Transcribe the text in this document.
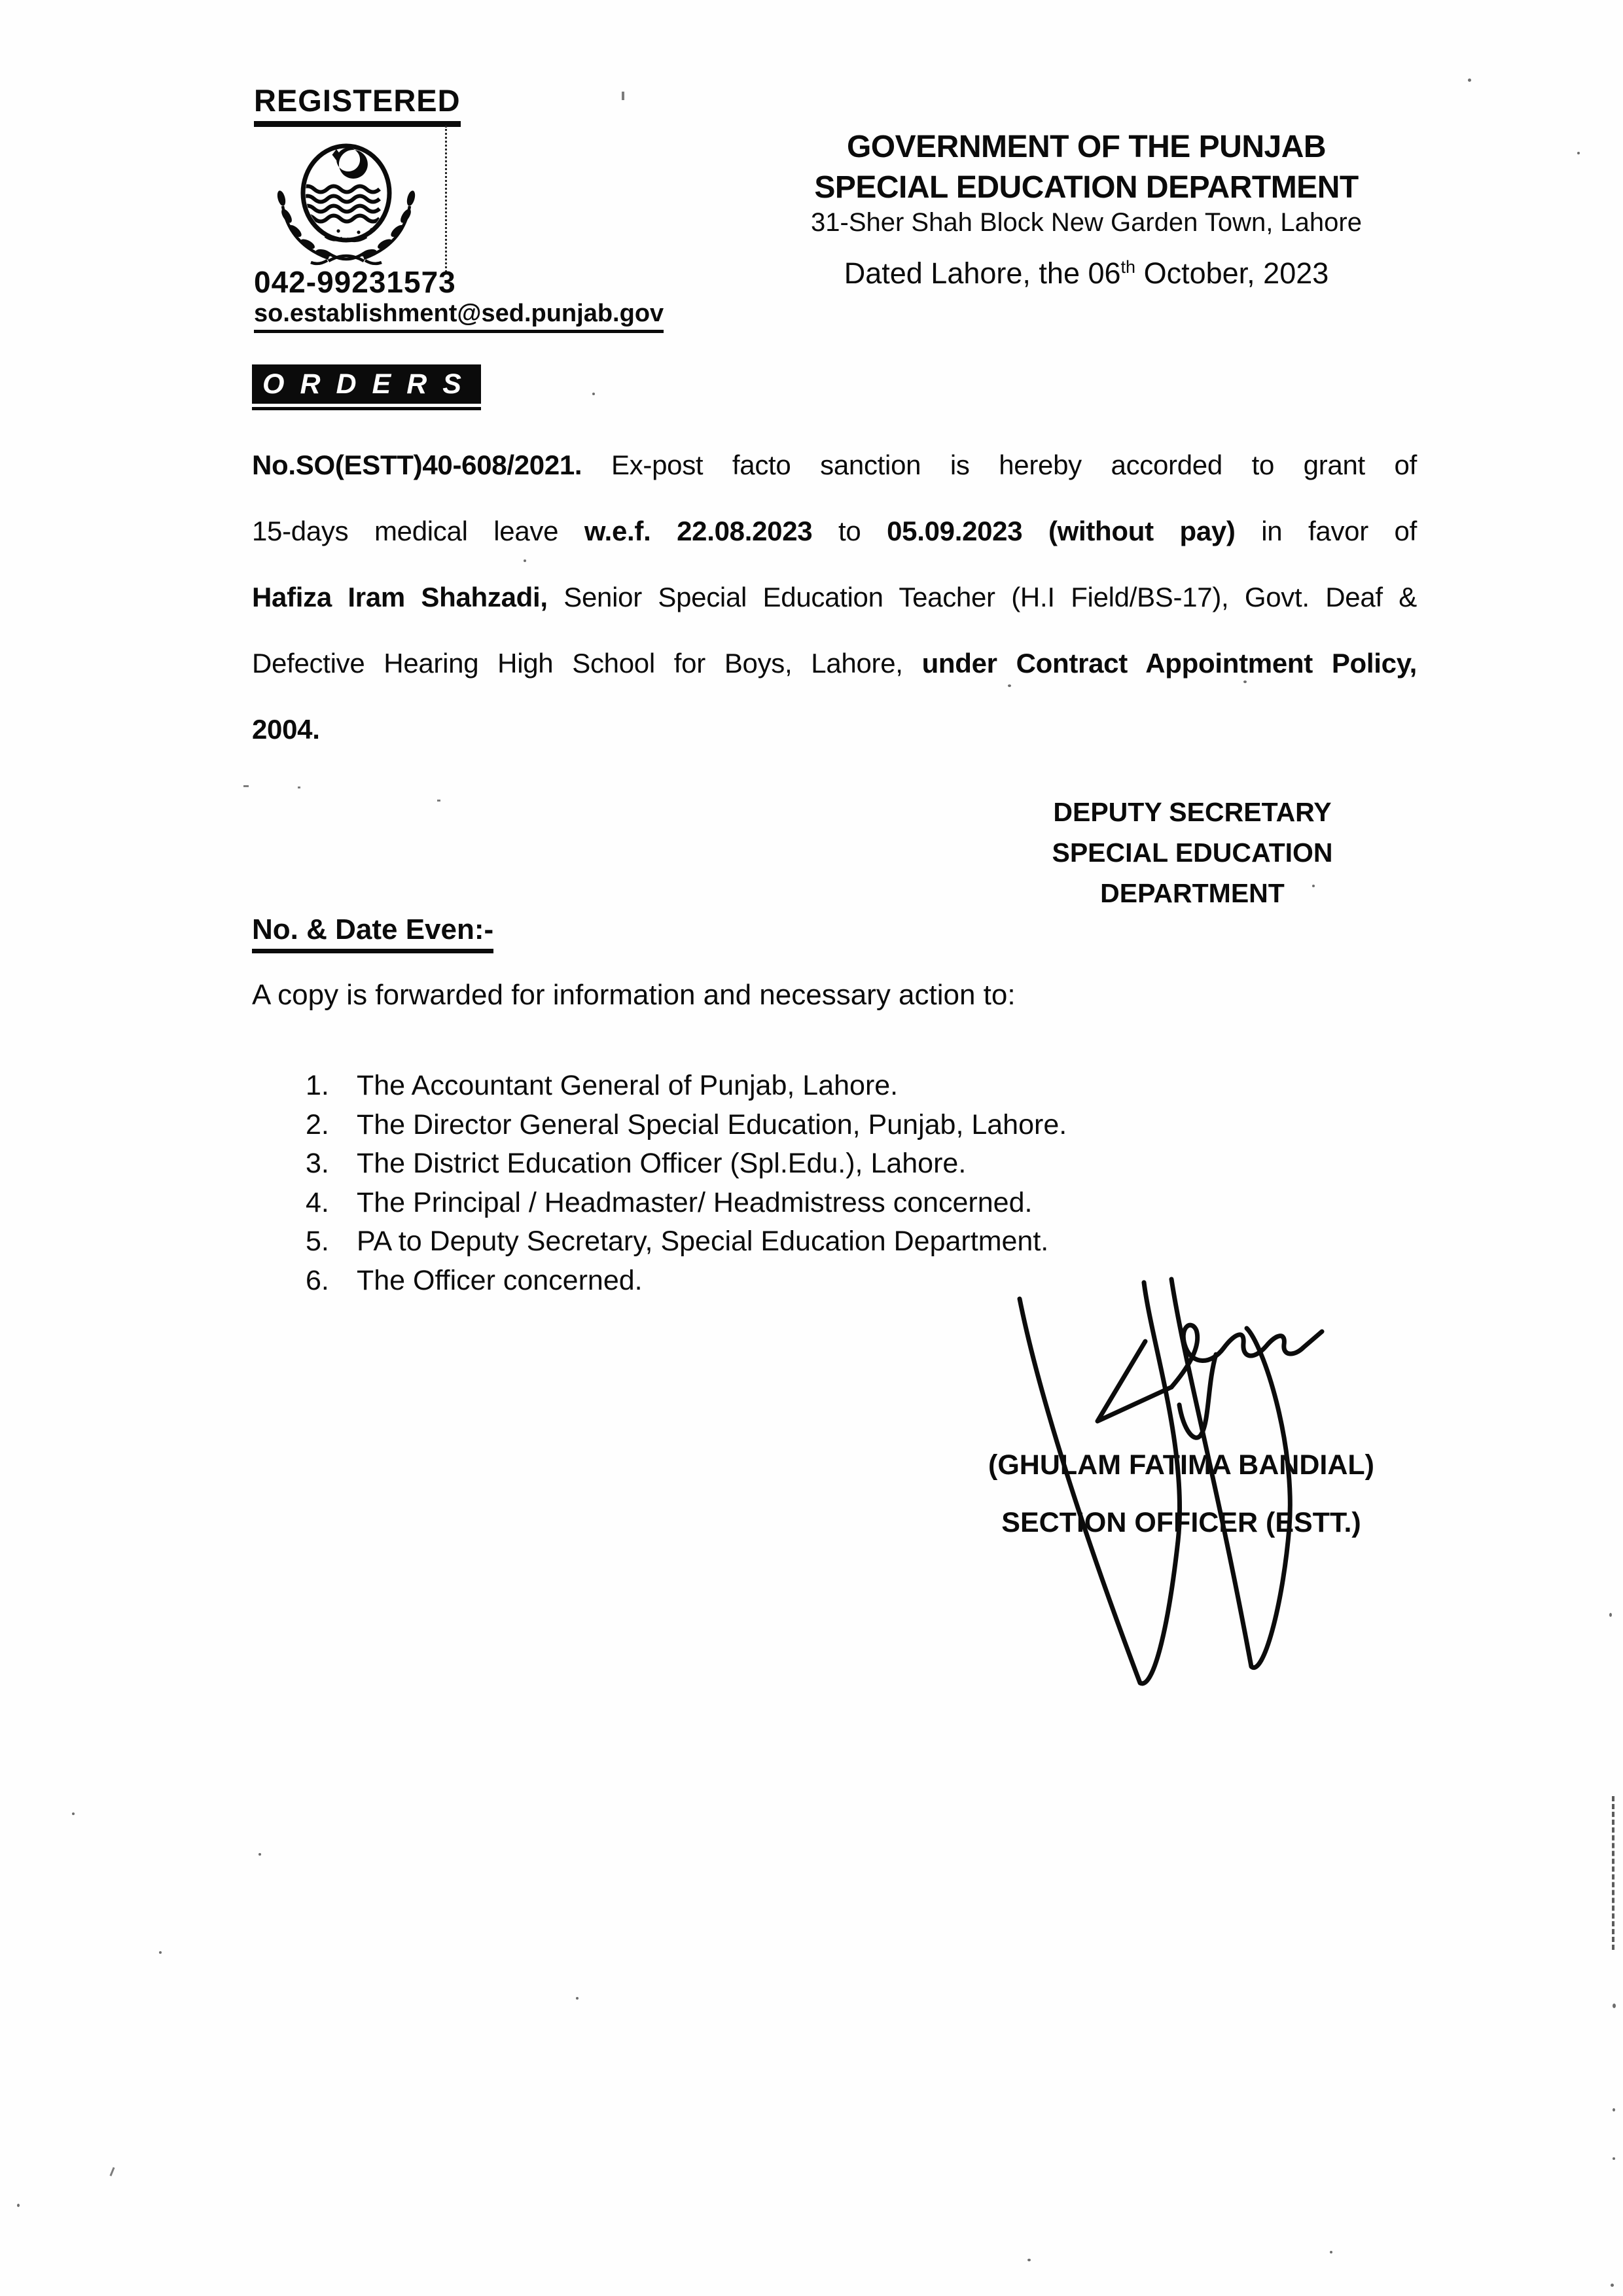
REGISTERED
042-99231573
so.establishment@sed.punjab.gov
GOVERNMENT OF THE PUNJAB
SPECIAL EDUCATION DEPARTMENT
31-Sher Shah Block New Garden Town, Lahore
Dated Lahore, the 06th October, 2023
ORDERS
No.SO(ESTT)40-608/2021. Ex-post facto sanction is hereby accorded to grant of
15-days medical leave w.e.f. 22.08.2023 to 05.09.2023 (without pay) in favor of
Hafiza Iram Shahzadi, Senior Special Education Teacher (H.I Field/BS-17), Govt. Deaf &
Defective Hearing High School for Boys, Lahore, under Contract Appointment Policy,
2004.
DEPUTY SECRETARY
SPECIAL EDUCATION
DEPARTMENT
No. & Date Even:-
A copy is forwarded for information and necessary action to:
1. The Accountant General of Punjab, Lahore.
2. The Director General Special Education, Punjab, Lahore.
3. The District Education Officer (Spl.Edu.), Lahore.
4. The Principal / Headmaster/ Headmistress concerned.
5. PA to Deputy Secretary, Special Education Department.
6. The Officer concerned.
(GHULAM FATIMA BANDIAL)
SECTION OFFICER (ESTT.)
